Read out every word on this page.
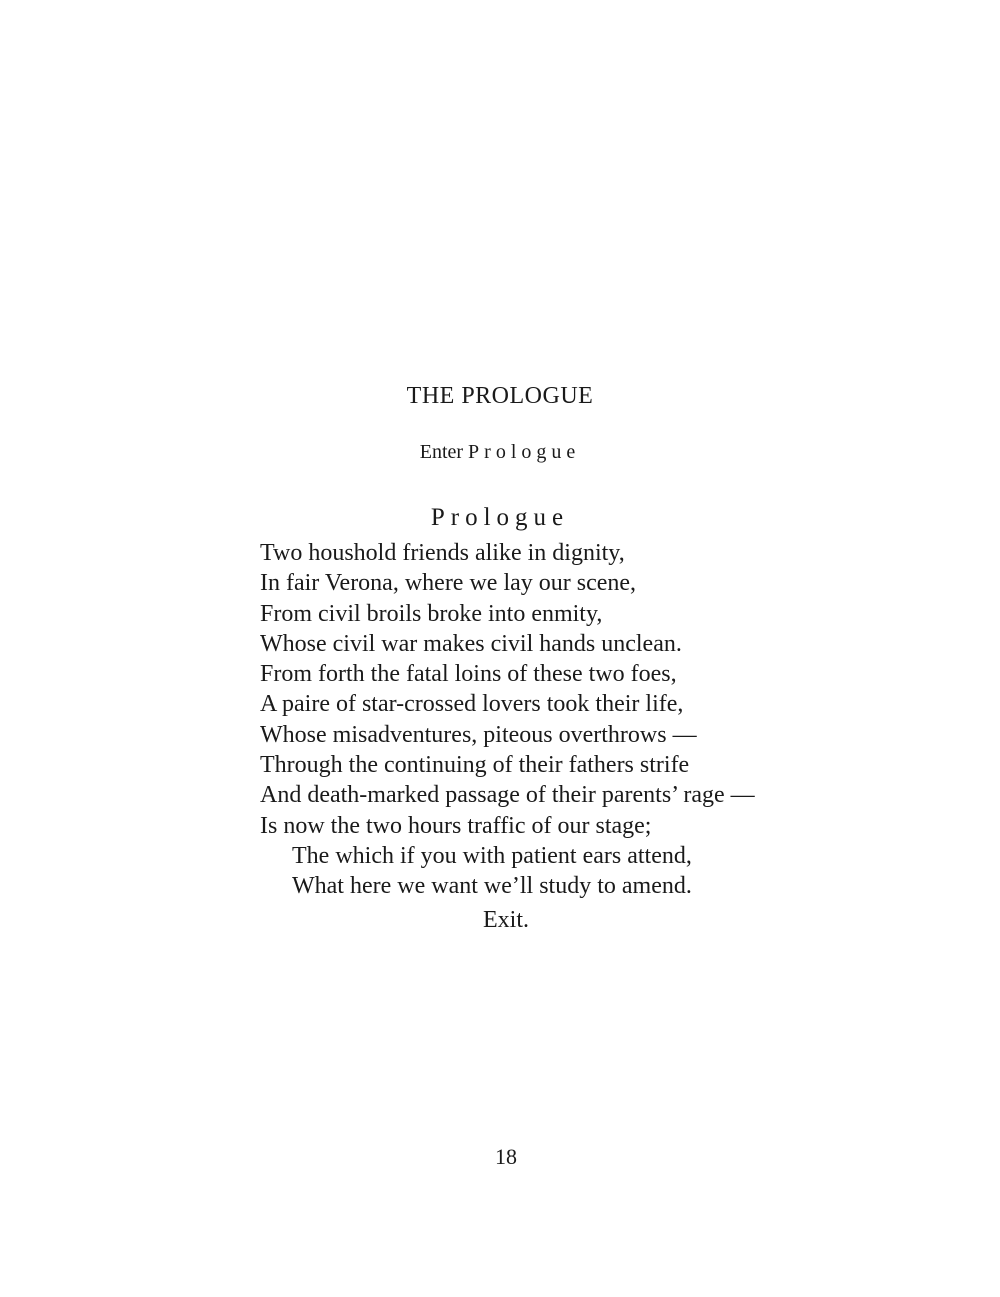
THE PROLOGUE
Enter Prologue
Prologue
Two houshold friends alike in dignity,
In fair Verona, where we lay our scene,
From civil broils broke into enmity,
Whose civil war makes civil hands unclean.
From forth the fatal loins of these two foes,
A paire of star-crossed lovers took their life,
Whose misadventures, piteous overthrows —
Through the continuing of their fathers strife
And death-marked passage of their parents’ rage —
Is now the two hours traffic of our stage;
The which if you with patient ears attend,
What here we want we’ll study to amend.
Exit.
18
